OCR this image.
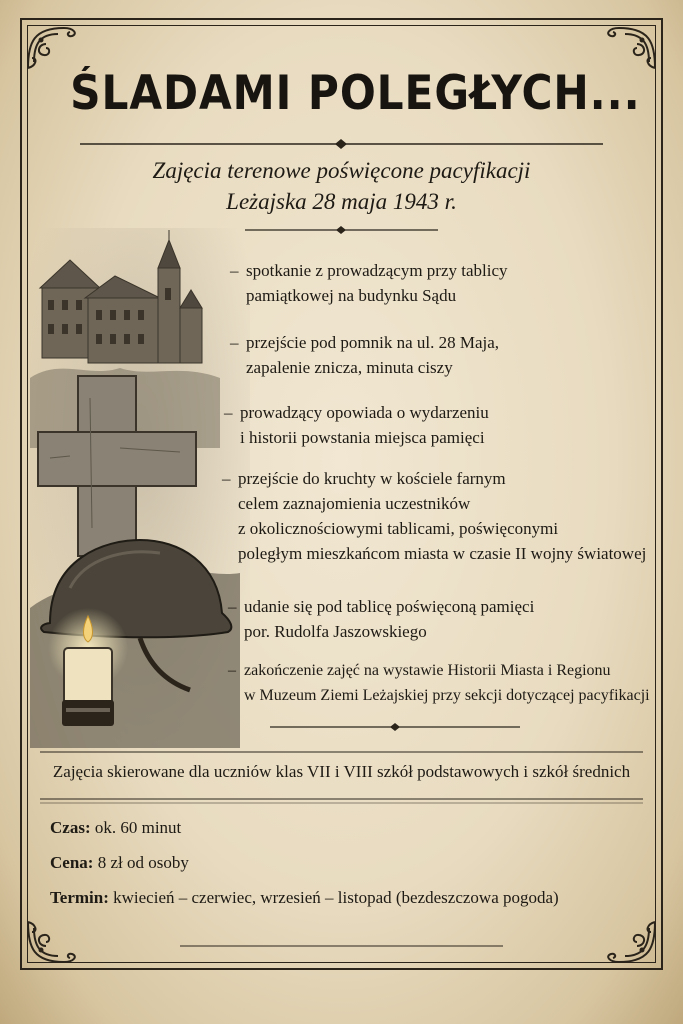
ŚLADAMI POLEGŁYCH...
Zajęcia terenowe poświęcone pacyfikacji
Leżajska 28 maja 1943 r.
– spotkanie z prowadzącym przy tablicy
pamiątkowej na budynku Sądu
– przejście pod pomnik na ul. 28 Maja,
zapalenie znicza, minuta ciszy
– prowadzący opowiada o wydarzeniu
i historii powstania miejsca pamięci
– przejście do kruchty w kościele farnym
celem zaznajomienia uczestników
z okolicznościowymi tablicami, poświęconymi
poległym mieszkańcom miasta w czasie II wojny światowej
– udanie się pod tablicę poświęconą pamięci
por. Rudolfa Jaszowskiego
– zakończenie zajęć na wystawie Historii Miasta i Regionu
w Muzeum Ziemi Leżajskiej przy sekcji dotyczącej pacyfikacji
Zajęcia skierowane dla uczniów klas VII i VIII szkół podstawowych i szkół średnich
Czas: ok. 60 minut
Cena: 8 zł od osoby
Termin: kwiecień – czerwiec, wrzesień – listopad (bezdeszczowa pogoda)
